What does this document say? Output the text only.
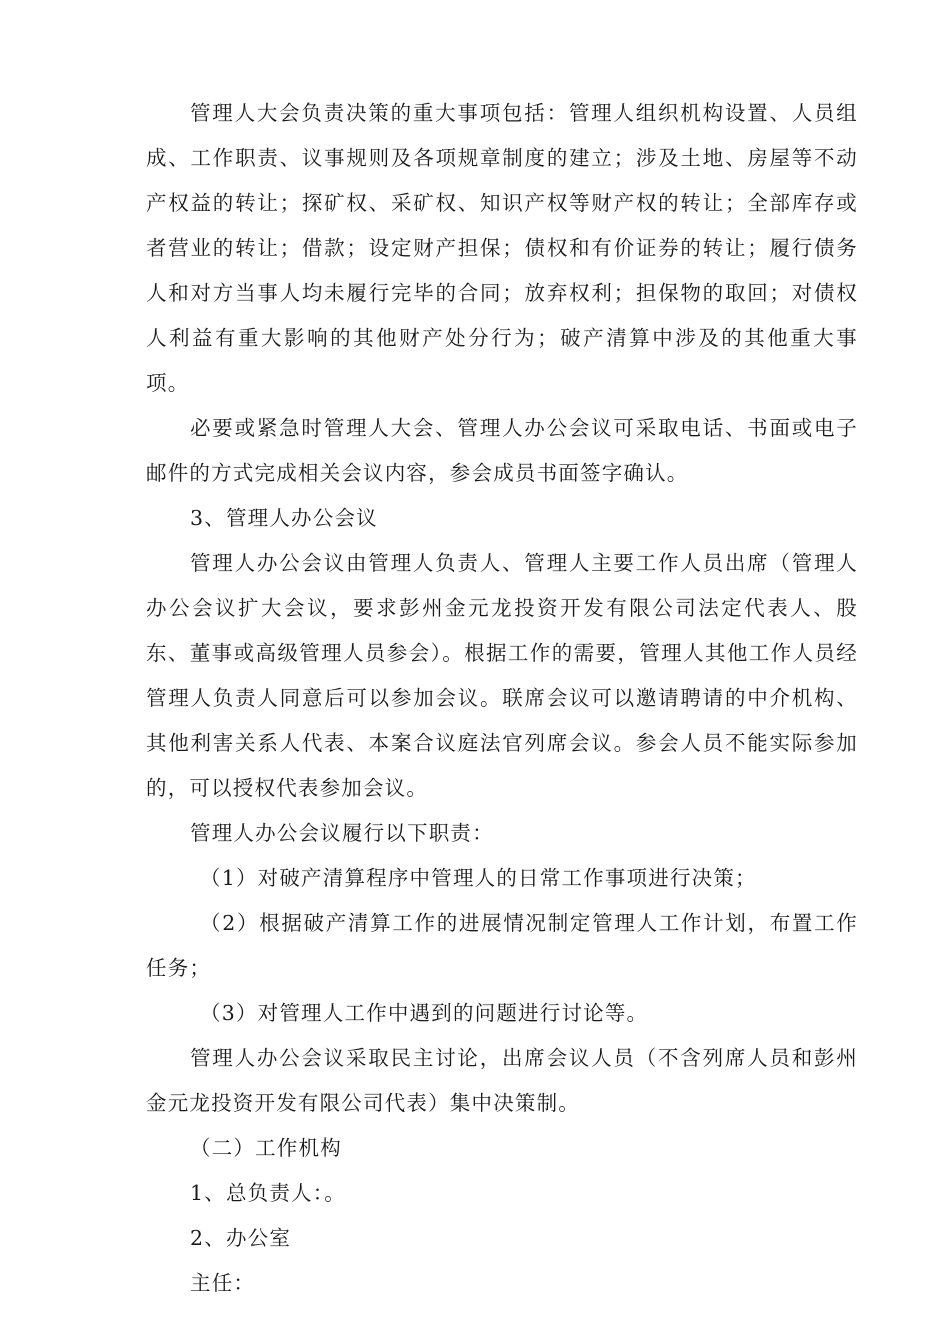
管理人大会负责决策的重大事项包括：管理人组织机构设置、人员组成、工作职责、议事规则及各项规章制度的建立；涉及土地、房屋等不动产权益的转让；探矿权、采矿权、知识产权等财产权的转让；全部库存或者营业的转让；借款；设定财产担保；债权和有价证券的转让；履行债务人和对方当事人均未履行完毕的合同；放弃权利；担保物的取回；对债权人利益有重大影响的其他财产处分行为；破产清算中涉及的其他重大事项。

必要或紧急时管理人大会、管理人办公会议可采取电话、书面或电子邮件的方式完成相关会议内容，参会成员书面签字确认。

3、管理人办公会议

管理人办公会议由管理人负责人、管理人主要工作人员出席（管理人办公会议扩大会议，要求彭州金元龙投资开发有限公司法定代表人、股东、董事或高级管理人员参会）。根据工作的需要，管理人其他工作人员经管理人负责人同意后可以参加会议。联席会议可以邀请聘请的中介机构、其他利害关系人代表、本案合议庭法官列席会议。参会人员不能实际参加的，可以授权代表参加会议。

管理人办公会议履行以下职责：

（1）对破产清算程序中管理人的日常工作事项进行决策；

（2）根据破产清算工作的进展情况制定管理人工作计划，布置工作任务；

（3）对管理人工作中遇到的问题进行讨论等。

管理人办公会议采取民主讨论，出席会议人员（不含列席人员和彭州金元龙投资开发有限公司代表）集中决策制。

（二）工作机构

1、总负责人：。

2、办公室

主任：
